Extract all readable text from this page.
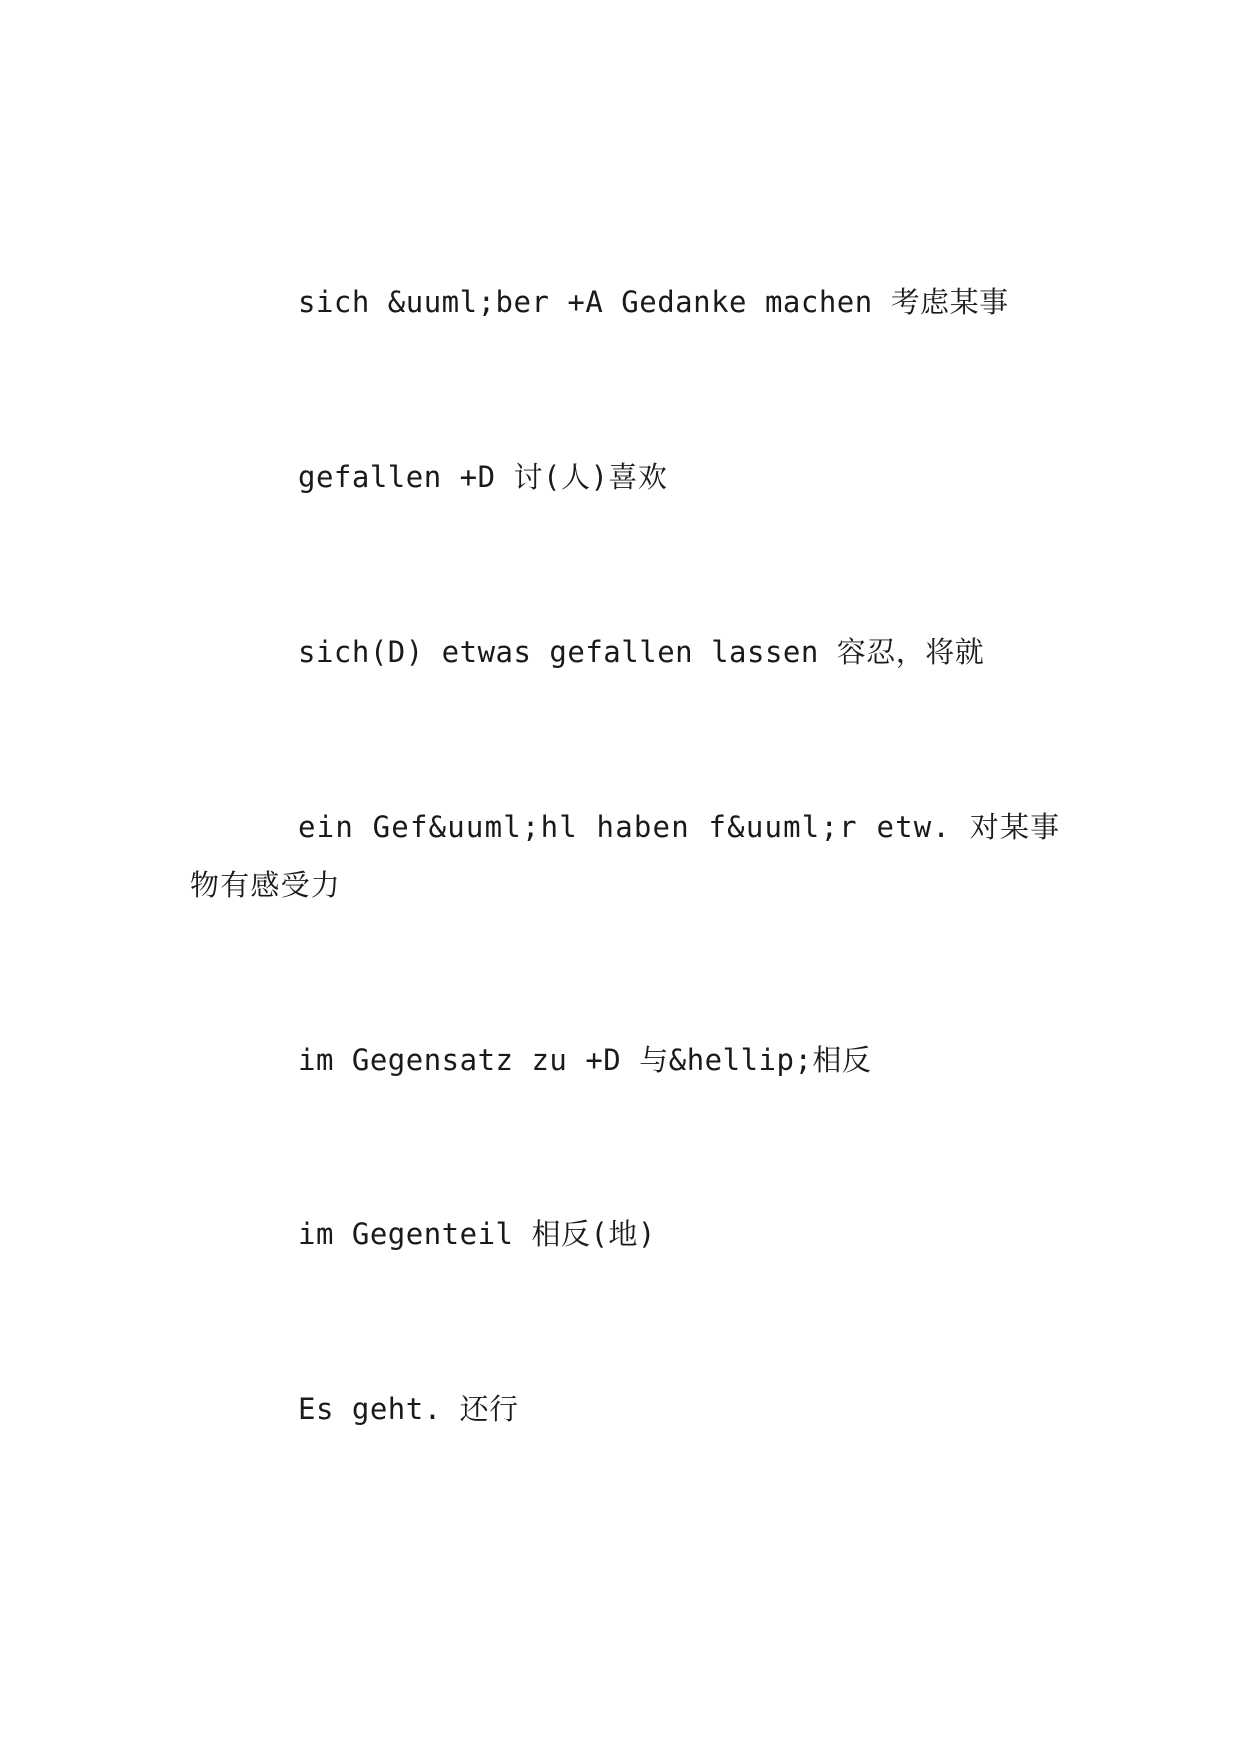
sich &uuml;ber +A Gedanke machen 考虑某事

gefallen +D 讨(人)喜欢

sich(D) etwas gefallen lassen 容忍，将就

ein Gef&uuml;hl haben f&uuml;r etw. 对某事物有感受力

im Gegensatz zu +D 与&hellip;相反

im Gegenteil 相反(地)

Es geht. 还行
